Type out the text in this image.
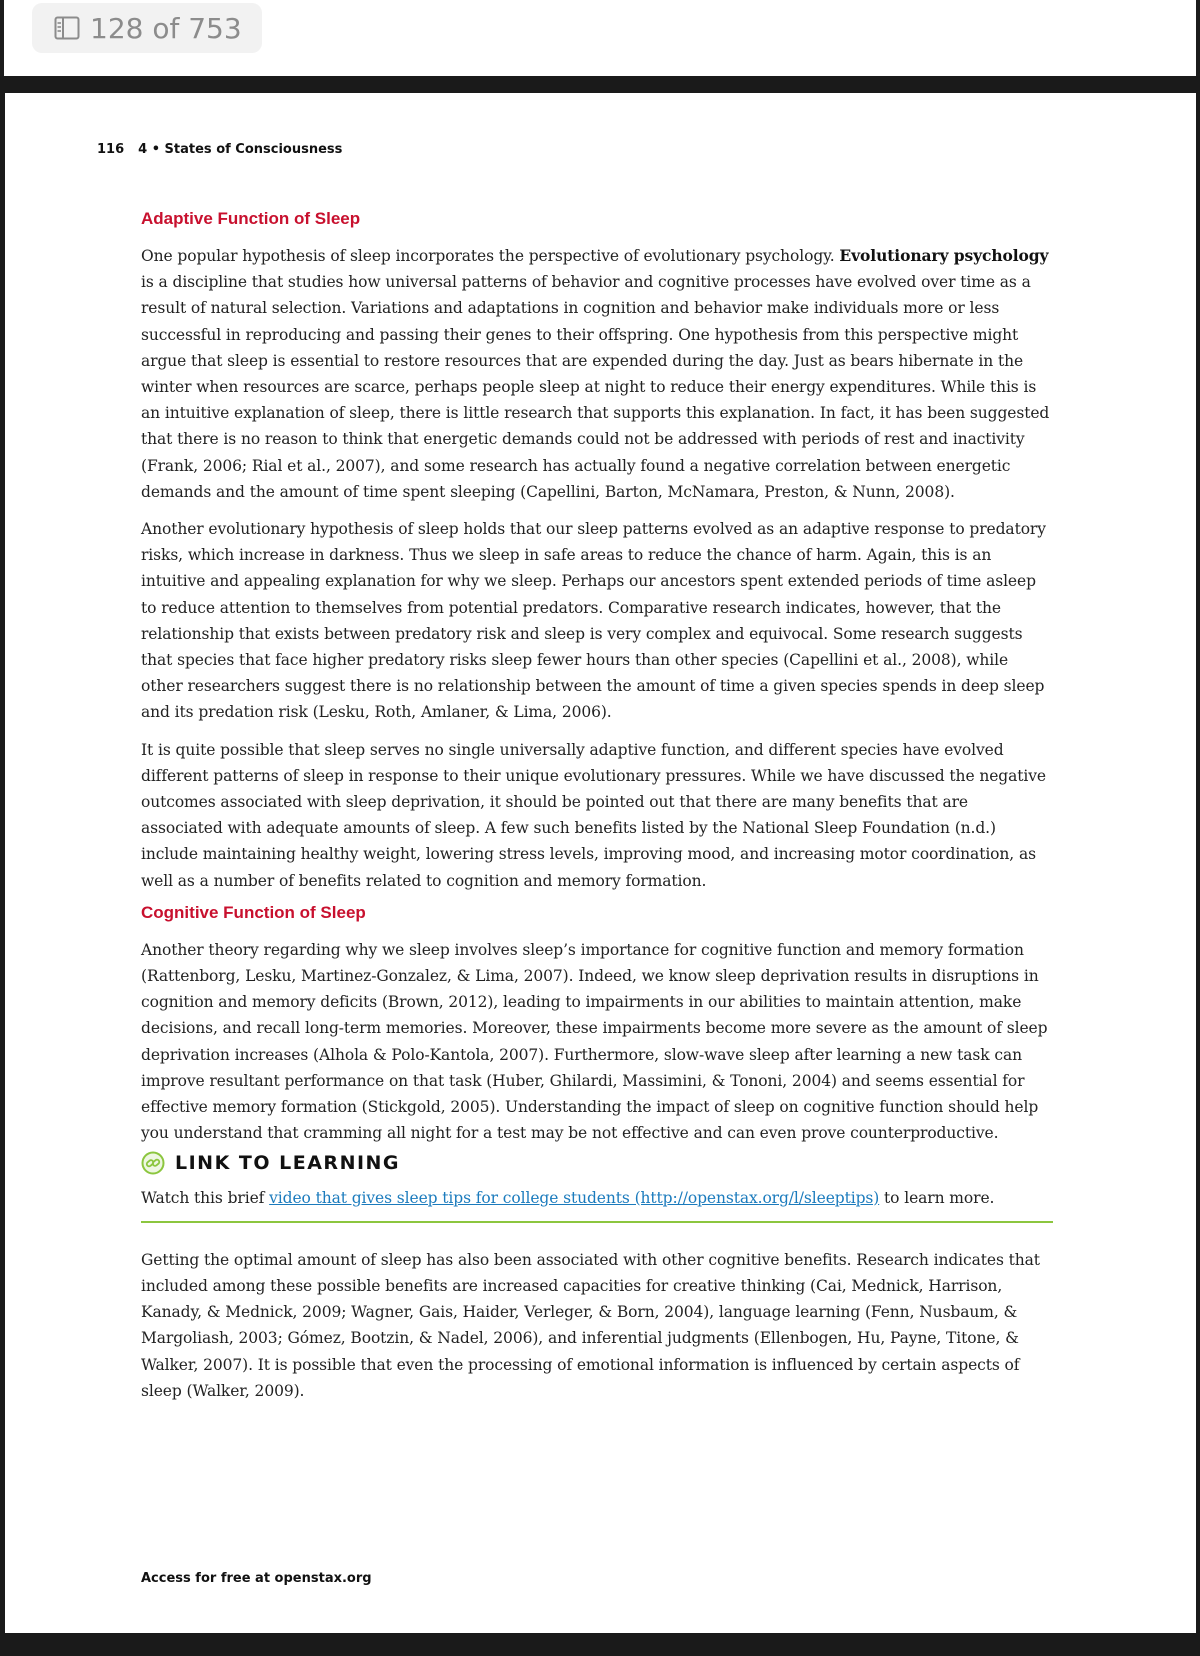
128 of 753
116 4 • States of Consciousness
Adaptive Function of Sleep
One popular hypothesis of sleep incorporates the perspective of evolutionary psychology. Evolutionary psychology is a discipline that studies how universal patterns of behavior and cognitive processes have evolved over time as a result of natural selection. Variations and adaptations in cognition and behavior make individuals more or less successful in reproducing and passing their genes to their offspring. One hypothesis from this perspective might argue that sleep is essential to restore resources that are expended during the day. Just as bears hibernate in the winter when resources are scarce, perhaps people sleep at night to reduce their energy expenditures. While this is an intuitive explanation of sleep, there is little research that supports this explanation. In fact, it has been suggested that there is no reason to think that energetic demands could not be addressed with periods of rest and inactivity (Frank, 2006; Rial et al., 2007), and some research has actually found a negative correlation between energetic demands and the amount of time spent sleeping (Capellini, Barton, McNamara, Preston, & Nunn, 2008).
Another evolutionary hypothesis of sleep holds that our sleep patterns evolved as an adaptive response to predatory risks, which increase in darkness. Thus we sleep in safe areas to reduce the chance of harm. Again, this is an intuitive and appealing explanation for why we sleep. Perhaps our ancestors spent extended periods of time asleep to reduce attention to themselves from potential predators. Comparative research indicates, however, that the relationship that exists between predatory risk and sleep is very complex and equivocal. Some research suggests that species that face higher predatory risks sleep fewer hours than other species (Capellini et al., 2008), while other researchers suggest there is no relationship between the amount of time a given species spends in deep sleep and its predation risk (Lesku, Roth, Amlaner, & Lima, 2006).
It is quite possible that sleep serves no single universally adaptive function, and different species have evolved different patterns of sleep in response to their unique evolutionary pressures. While we have discussed the negative outcomes associated with sleep deprivation, it should be pointed out that there are many benefits that are associated with adequate amounts of sleep. A few such benefits listed by the National Sleep Foundation (n.d.) include maintaining healthy weight, lowering stress levels, improving mood, and increasing motor coordination, as well as a number of benefits related to cognition and memory formation.
Cognitive Function of Sleep
Another theory regarding why we sleep involves sleep’s importance for cognitive function and memory formation (Rattenborg, Lesku, Martinez-Gonzalez, & Lima, 2007). Indeed, we know sleep deprivation results in disruptions in cognition and memory deficits (Brown, 2012), leading to impairments in our abilities to maintain attention, make decisions, and recall long-term memories. Moreover, these impairments become more severe as the amount of sleep deprivation increases (Alhola & Polo-Kantola, 2007). Furthermore, slow-wave sleep after learning a new task can improve resultant performance on that task (Huber, Ghilardi, Massimini, & Tononi, 2004) and seems essential for effective memory formation (Stickgold, 2005). Understanding the impact of sleep on cognitive function should help you understand that cramming all night for a test may be not effective and can even prove counterproductive.
LINK TO LEARNING
Watch this brief video that gives sleep tips for college students (http://openstax.org/l/sleeptips) to learn more.
Getting the optimal amount of sleep has also been associated with other cognitive benefits. Research indicates that included among these possible benefits are increased capacities for creative thinking (Cai, Mednick, Harrison, Kanady, & Mednick, 2009; Wagner, Gais, Haider, Verleger, & Born, 2004), language learning (Fenn, Nusbaum, & Margoliash, 2003; Gómez, Bootzin, & Nadel, 2006), and inferential judgments (Ellenbogen, Hu, Payne, Titone, & Walker, 2007). It is possible that even the processing of emotional information is influenced by certain aspects of sleep (Walker, 2009).
Access for free at openstax.org
